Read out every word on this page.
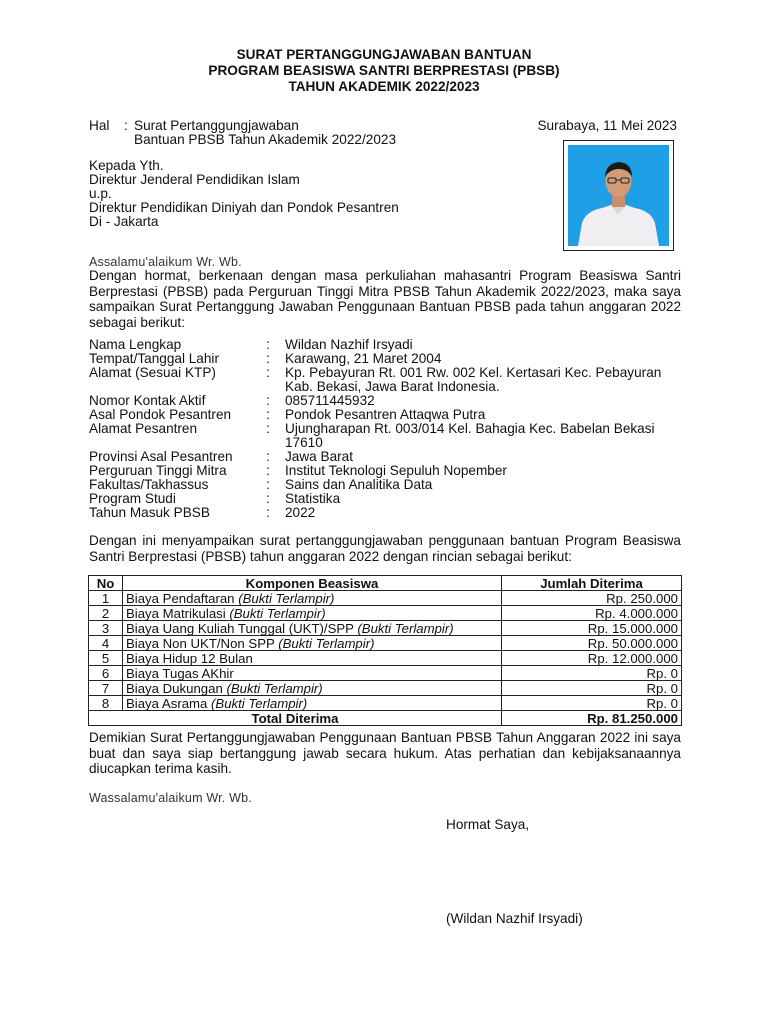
SURAT PERTANGGUNGJAWABAN BANTUAN
PROGRAM BEASISWA SANTRI BERPRESTASI (PBSB)
TAHUN AKADEMIK 2022/2023
Hal : Surat Pertanggungjawaban
Bantuan PBSB Tahun Akademik 2022/2023
Surabaya, 11 Mei 2023
Kepada Yth.
Direktur Jenderal Pendidikan Islam
u.p.
Direktur Pendidikan Diniyah dan Pondok Pesantren
Di - Jakarta
Assalamu'alaikum Wr. Wb.
Dengan hormat, berkenaan dengan masa perkuliahan mahasantri Program Beasiswa Santri Berprestasi (PBSB) pada Perguruan Tinggi Mitra PBSB Tahun Akademik 2022/2023, maka saya sampaikan Surat Pertanggung Jawaban Penggunaan Bantuan PBSB pada tahun anggaran 2022 sebagai berikut:
Nama Lengkap	: Wildan Nazhif Irsyadi
Tempat/Tanggal Lahir	: Karawang, 21 Maret 2004
Alamat (Sesuai KTP)	: Kp. Pebayuran Rt. 001 Rw. 002 Kel. Kertasari Kec. Pebayuran Kab. Bekasi, Jawa Barat Indonesia.
Nomor Kontak Aktif	: 085711445932
Asal Pondok Pesantren	: Pondok Pesantren Attaqwa Putra
Alamat Pesantren	: Ujungharapan Rt. 003/014 Kel. Bahagia Kec. Babelan Bekasi 17610
Provinsi Asal Pesantren : Jawa Barat
Perguruan Tinggi Mitra	: Institut Teknologi Sepuluh Nopember
Fakultas/Takhassus	: Sains dan Analitika Data
Program Studi	: Statistika
Tahun Masuk PBSB	: 2022
Dengan ini menyampaikan surat pertanggungjawaban penggunaan bantuan Program Beasiswa Santri Berprestasi (PBSB) tahun anggaran 2022 dengan rincian sebagai berikut:
No	Komponen Beasiswa	Jumlah Diterima
1	Biaya Pendaftaran (Bukti Terlampir)	Rp. 250.000
2	Biaya Matrikulasi (Bukti Terlampir)	Rp. 4.000.000
3	Biaya Uang Kuliah Tunggal (UKT)/SPP (Bukti Terlampir)	Rp. 15.000.000
4	Biaya Non UKT/Non SPP (Bukti Terlampir)	Rp. 50.000.000
5	Biaya Hidup 12 Bulan	Rp. 12.000.000
6	Biaya Tugas AKhir	Rp. 0
7	Biaya Dukungan (Bukti Terlampir)	Rp. 0
8	Biaya Asrama (Bukti Terlampir)	Rp. 0
Total Diterima		Rp. 81.250.000
Demikian Surat Pertanggungjawaban Penggunaan Bantuan PBSB Tahun Anggaran 2022 ini saya buat dan saya siap bertanggung jawab secara hukum. Atas perhatian dan kebijaksanaannya diucapkan terima kasih.
Wassalamu'alaikum Wr. Wb.
Hormat Saya,
(Wildan Nazhif Irsyadi)
